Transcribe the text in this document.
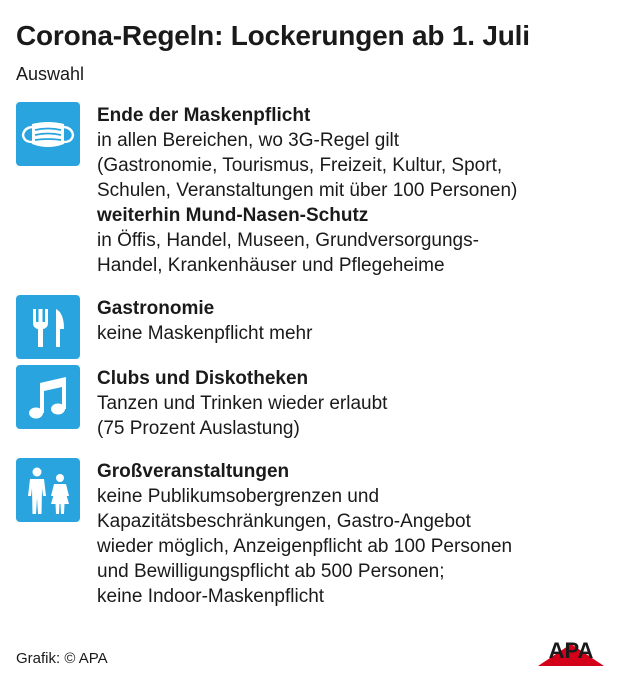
Corona-Regeln: Lockerungen ab 1. Juli
Auswahl
Ende der Maskenpflicht
in allen Bereichen, wo 3G-Regel gilt
(Gastronomie, Tourismus, Freizeit, Kultur, Sport,
Schulen, Veranstaltungen mit über 100 Personen)
weiterhin Mund-Nasen-Schutz
in Öffis, Handel, Museen, Grundversorgungs-
Handel, Krankenhäuser und Pflegeheime
Gastronomie
keine Maskenpflicht mehr
Clubs und Diskotheken
Tanzen und Trinken wieder erlaubt
(75 Prozent Auslastung)
Großveranstaltungen
keine Publikumsobergrenzen und
Kapazitätsbeschränkungen, Gastro-Angebot
wieder möglich, Anzeigenpflicht ab 100 Personen
und Bewilligungspflicht ab 500 Personen;
keine Indoor-Maskenpflicht
Grafik: © APA	APA
